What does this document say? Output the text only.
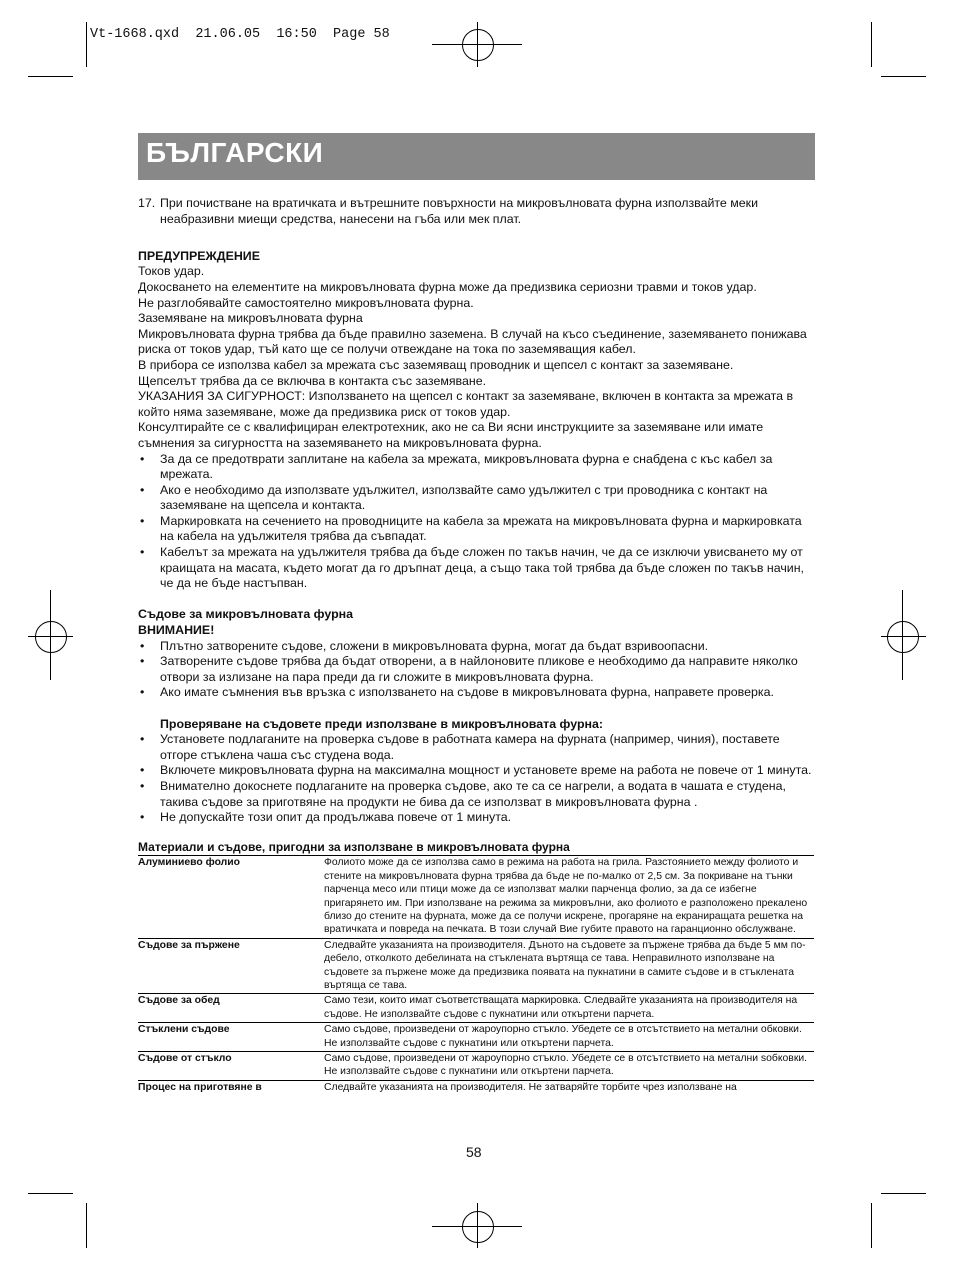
Vt-1668.qxd  21.06.05  16:50  Page 58
БЪЛГАРСКИ
17. При почистване на вратичката и вътрешните повърхности на микровълновата фурна използвайте меки неабразивни миещи средства, нанесени на гъба или мек плат.

ПРЕДУПРЕЖДЕНИЕ

Токов удар.

Докосването на елементите на микровълновата фурна може да предизвика сериозни травми и токов удар.

Не разглобявайте самостоятелно микровълновата фурна.

Заземяване на микровълновата фурна

Микровълновата фурна трябва да бъде правилно заземена. В случай на късо съединение, заземяването понижава риска от токов удар, тъй като ще се получи отвеждане на тока по заземяващия кабел.

В прибора се използва кабел за мрежата със заземяващ проводник и щепсел с контакт за заземяване.

Щепселът трябва да се включва в контакта със заземяване.

УКАЗАНИЯ ЗА СИГУРНОСТ: Използването на щепсел с контакт за заземяване, включен в контакта за мрежата в който няма заземяване, може да предизвика риск от токов удар.

Консултирайте се с квалифициран електротехник, ако не са Ви ясни инструкциите за заземяване или имате съмнения за сигурността на заземяването на микровълновата фурна.

•	За да се предотврати заплитане на кабела за мрежата, микровълновата фурна е снабдена с къс кабел за мрежата.
•	Ако е необходимо да използвате удължител, използвайте само удължител с три проводника с контакт на заземяване на щепсела и контакта.
•	Маркировката на сечението на проводниците на кабела за мрежата на микровълновата фурна и маркировката на кабела на удължителя трябва да съвпадат.
•	Кабелът за мрежата на удължителя трябва да бъде сложен по такъв начин, че да се изключи увисването му от краищата на масата, където могат да го дръпнат деца, а също така той трябва да бъде сложен по такъв начин, че да не бъде настъпван.

Съдове за микровълновата фурна

ВНИМАНИЕ!

•	Плътно затворените съдове, сложени в микровълновата фурна, могат да бъдат взривоопасни.
•	Затворените съдове трябва да бъдат отворени, а в найлоновите пликове е необходимо да направите няколко отвори за излизане на пара преди да ги сложите в микровълновата фурна.
•	Ако имате съмнения във връзка с използването на съдове в микровълновата фурна, направете проверка.

Проверяване на съдовете преди използване в микровълновата фурна:

•	Установете подлаганите на проверка съдове в работната камера на фурната (например, чиния), поставете отгоре стъклена чаша със студена вода.
•	Включете микровълновата фурна на максимална мощност и установете време на работа не повече от 1 минута.
•	Внимателно докоснете подлаганите на проверка съдове, ако те са се нагрели, а водата в чашата е студена, такива съдове за приготвяне на продукти не бива да се използват в микровълновата фурна .
•	Не допускайте този опит да продължава повече от 1 минута.

Материали и съдове, пригодни за използване в микровълновата фурна

Алуминиево фолио	Фолиото може да се използва само в режима на работа на грила. Разстоянието между фолиото и стените на микровълновата фурна трябва да бъде не по-малко от 2,5 см. За покриване на тънки парченца месо или птици може да се използват малки парченца фолио, за да се избегне пригарянето им. При използване на режима за микровълни, ако фолиото е разположено прекалено близо до стените на фурната, може да се получи искрене, прогаряне на екраниращата решетка на вратичката и повреда на печката. В този случай Вие губите правото на гаранционно обслужване.
Съдове за пържене	Следвайте указанията на производителя. Дъното на съдовете за пържене трябва да бъде 5 мм по-дебело, отколкото дебелината на стъклената въртяща се тава. Неправилното използване на съдовете за пържене може да предизвика появата на пукнатини в самите съдове и в стъклената въртяща се тава.
Съдове за обед	Само тези, които имат съответстващата маркировка. Следвайте указанията на производителя на съдове. Не използвайте съдове с пукнатини или откъртени парчета.
Стъклени съдове	Само съдове, произведени от жароупорно стъкло. Убедете се в отсътствието на метални обковки. Не използвайте съдове с пукнатини или откъртени парчета.
Съдове от стъкло	Само съдове, произведени от жароупорно стъкло. Убедете се в отсътствието на метални sобковки. Не използвайте съдове с пукнатини или откъртени парчета.
Процес на приготвяне в	Следвайте указанията на производителя. Не затваряйте торбите чрез използване на
58
